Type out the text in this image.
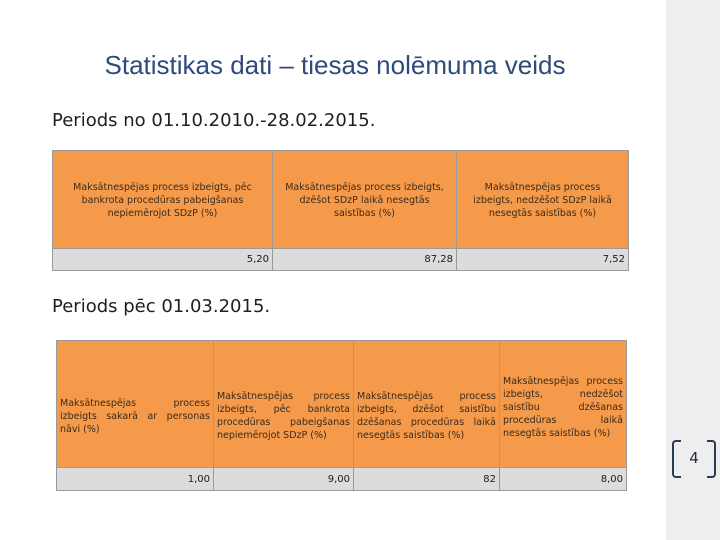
Statistikas dati – tiesas nolēmuma veids
Periods no 01.10.2010.-28.02.2015.
Maksātnespējas process izbeigts, pēc bankrota procedūras pabeigšanas nepiemērojot SDzP (%)	Maksātnespējas process izbeigts, dzēšot SDzP laikā nesegtās saistības (%)	Maksātnespējas process izbeigts, nedzēšot SDzP laikā nesegtās saistības (%)
5,20	87,28	7,52
Periods pēc 01.03.2015.
Maksātnespējas process izbeigts sakarā ar personas nāvi (%)	Maksātnespējas process izbeigts, pēc bankrota procedūras pabeigšanas nepiemērojot SDzP (%)	Maksātnespējas process izbeigts, dzēšot saistību dzēšanas procedūras laikā nesegtās saistības (%)	Maksātnespējas process izbeigts, nedzēšot saistību dzēšanas procedūras laikā nesegtās saistības (%)
1,00	9,00	82	8,00
4
